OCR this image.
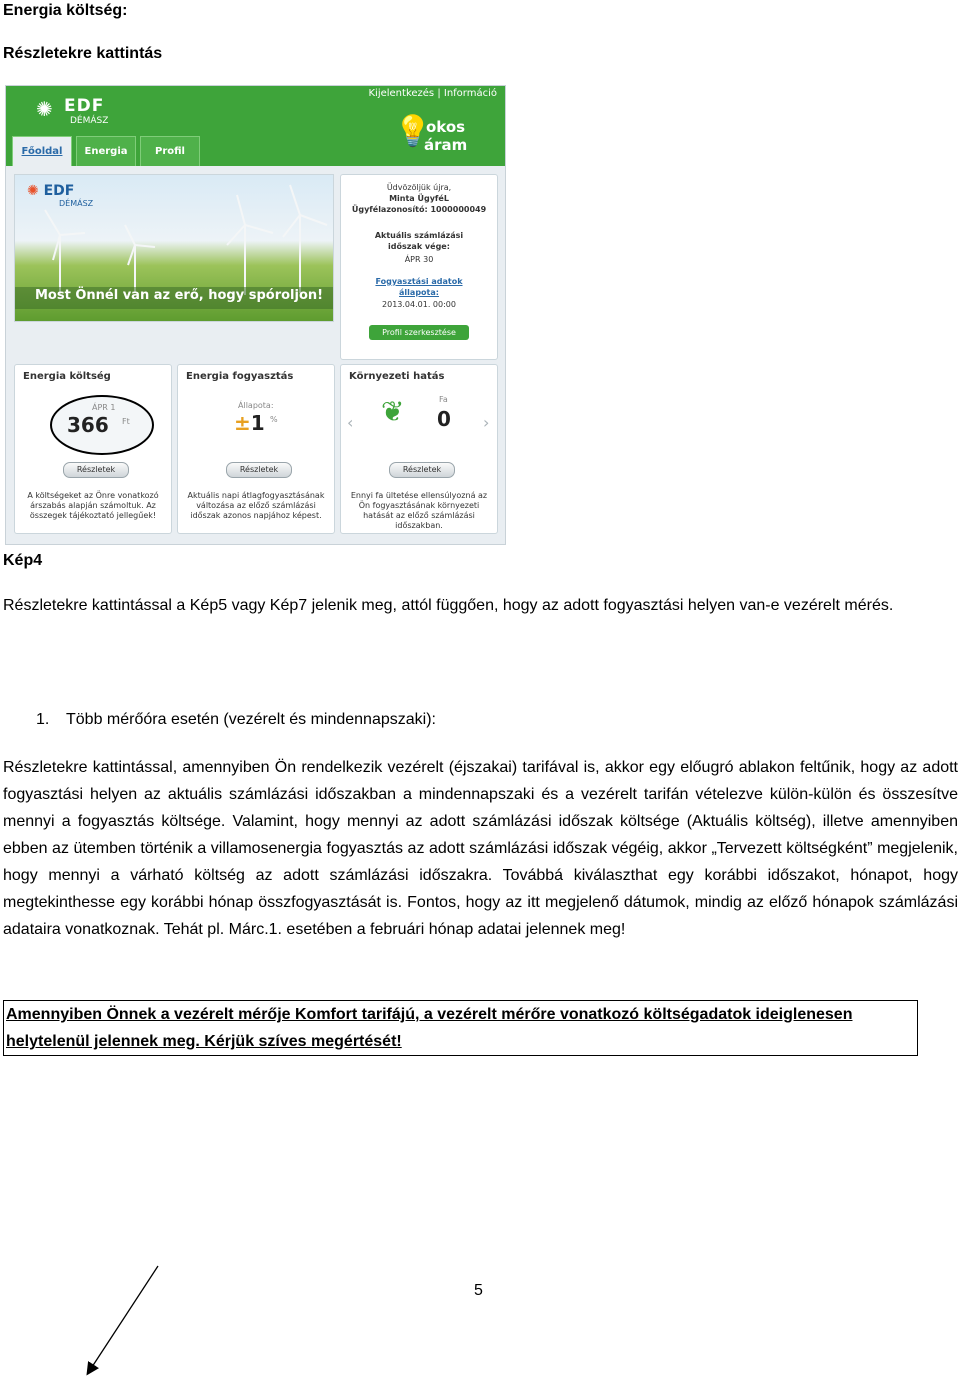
Energia költség:
Részletekre kattintás
✺ EDF
DÉMÁSZ
Kijelentkezés | Információ
💡
okos
áram
Főoldal	Energia	Profil
✺ EDF
DÉMÁSZ
Most Önnél van az erő, hogy spóroljon!
Üdvözöljük újra,
Minta ÜgyféL
Ügyfélazonosító: 1000000049
Aktuális számlázási
időszak vége:
ÁPR 30
Fogyasztási adatok
állapota:
2013.04.01. 00:00
Profil szerkesztése
Energia költség
ÁPR 1
366 Ft
Részletek
A költségeket az Önre vonatkozó árszabás alapján számoltuk. Az összegek tájékoztató jellegűek!
Energia fogyasztás
Állapota:
±1 %
Részletek
Aktuális napi átlagfogyasztásának változása az előző számlázási időszak azonos napjához képest.
Környezeti hatás
‹ ❦	Fa
0 ›
Részletek
Ennyi fa ültetése ellensúlyozná az Ön fogyasztásának környezeti hatását az előző számlázási időszakban.
Kép4
Részletekre kattintással a Kép5 vagy Kép7 jelenik meg, attól függően, hogy az adott fogyasztási helyen van-e vezérelt mérés.
1. Több mérőóra esetén (vezérelt és mindennapszaki):
Részletekre kattintással, amennyiben Ön rendelkezik vezérelt (éjszakai) tarifával is, akkor egy előugró ablakon feltűnik, hogy az adott fogyasztási helyen az aktuális számlázási időszakban a mindennapszaki és a vezérelt tarifán vételezve külön-külön és összesítve mennyi a fogyasztás költsége. Valamint, hogy mennyi az adott számlázási időszak költsége (Aktuális költség), illetve amennyiben ebben az ütemben történik a villamosenergia fogyasztás az adott számlázási időszak végéig, akkor „Tervezett költségként” megjelenik, hogy mennyi a várható költség az adott számlázási időszakra. Továbbá kiválaszthat egy korábbi időszakot, hónapot, hogy megtekinthesse egy korábbi hónap összfogyasztását is. Fontos, hogy az itt megjelenő dátumok, mindig az előző hónapok számlázási adataira vonatkoznak. Tehát pl. Márc.1. esetében a februári hónap adatai jelennek meg!
Amennyiben Önnek a vezérelt mérője Komfort tarifájú, a vezérelt mérőre vonatkozó költségadatok ideiglenesen helytelenül jelennek meg. Kérjük szíves megértését!
5
